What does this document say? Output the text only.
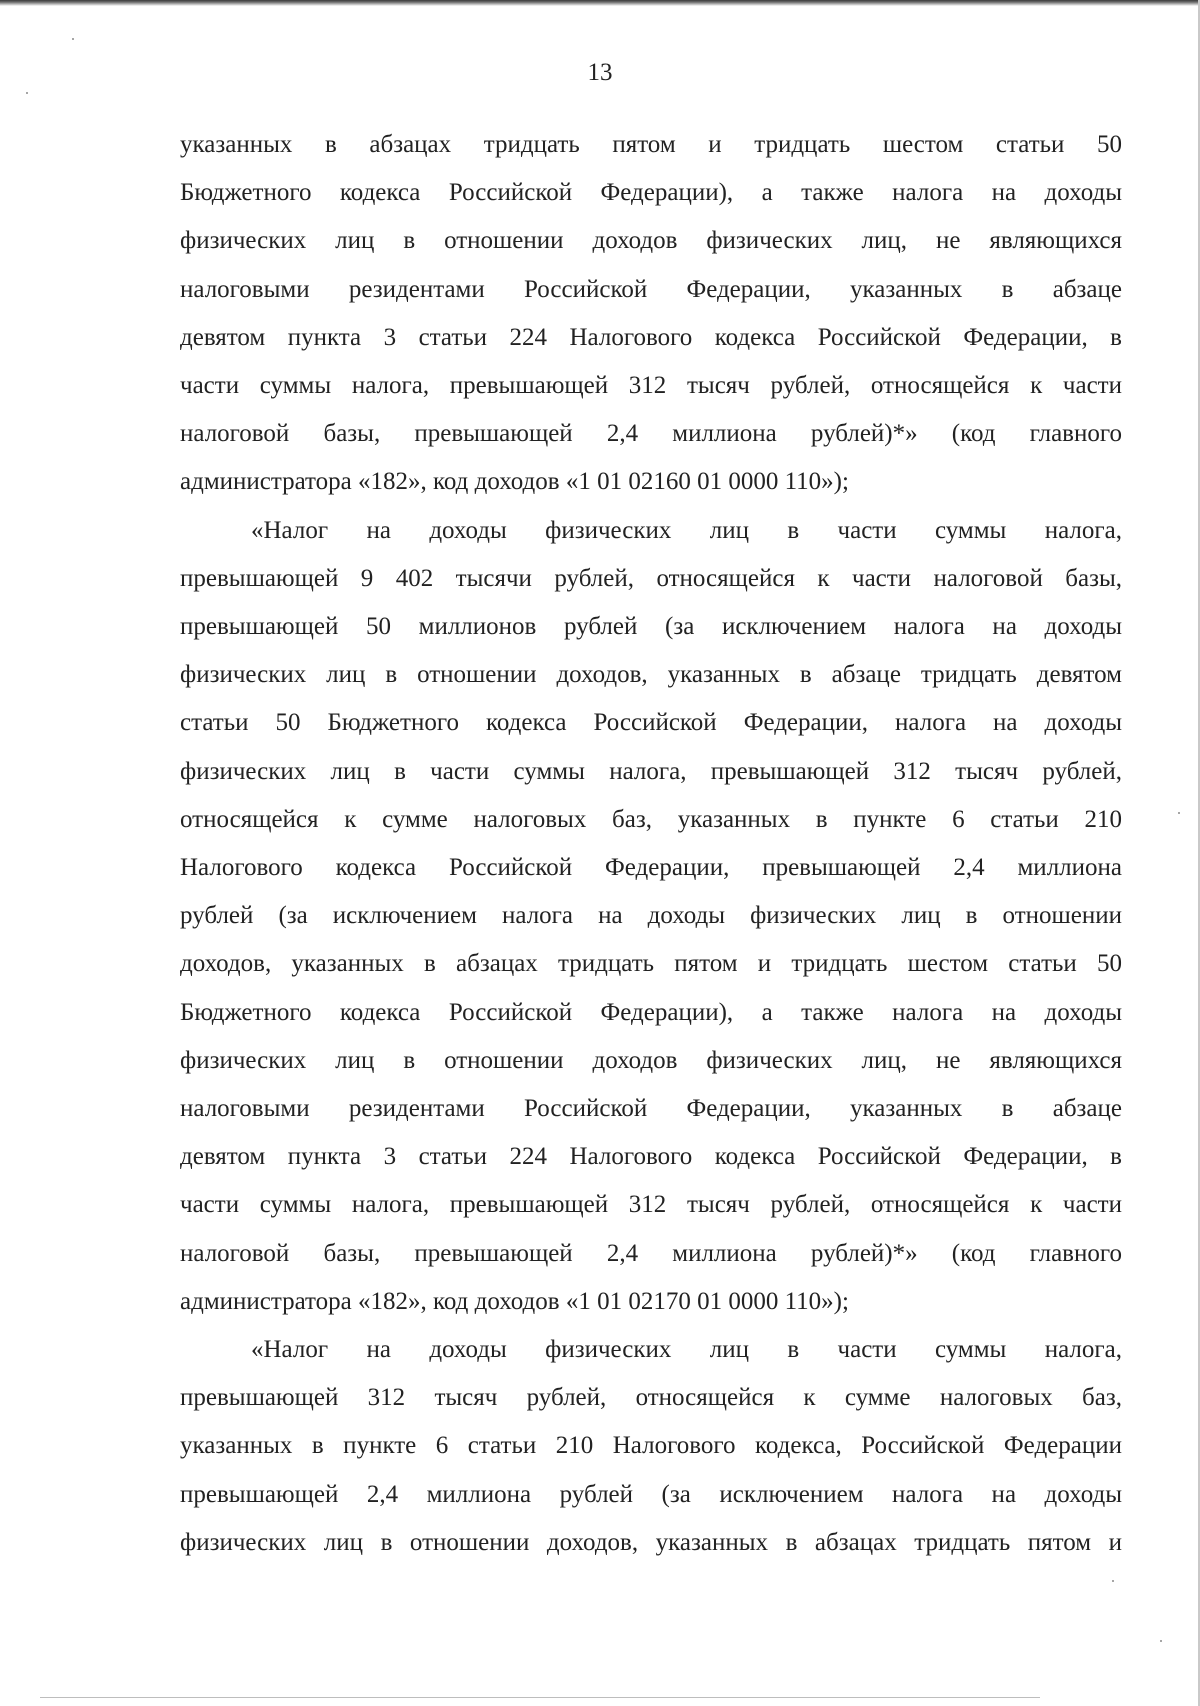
13

указанных в абзацах тридцать пятом и тридцать шестом статьи 50
Бюджетного кодекса Российской Федерации), а также налога на доходы
физических лиц в отношении доходов физических лиц, не являющихся
налоговыми резидентами Российской Федерации, указанных в абзаце
девятом пункта 3 статьи 224 Налогового кодекса Российской Федерации, в
части суммы налога, превышающей 312 тысяч рублей, относящейся к части
налоговой базы, превышающей 2,4 миллиона рублей)*» (код главного
администратора «182», код доходов «1 01 02160 01 0000 110»);

«Налог на доходы физических лиц в части суммы налога,
превышающей 9 402 тысячи рублей, относящейся к части налоговой базы,
превышающей 50 миллионов рублей (за исключением налога на доходы
физических лиц в отношении доходов, указанных в абзаце тридцать девятом
статьи 50 Бюджетного кодекса Российской Федерации, налога на доходы
физических лиц в части суммы налога, превышающей 312 тысяч рублей,
относящейся к сумме налоговых баз, указанных в пункте 6 статьи 210
Налогового кодекса Российской Федерации, превышающей 2,4 миллиона
рублей (за исключением налога на доходы физических лиц в отношении
доходов, указанных в абзацах тридцать пятом и тридцать шестом статьи 50
Бюджетного кодекса Российской Федерации), а также налога на доходы
физических лиц в отношении доходов физических лиц, не являющихся
налоговыми резидентами Российской Федерации, указанных в абзаце
девятом пункта 3 статьи 224 Налогового кодекса Российской Федерации, в
части суммы налога, превышающей 312 тысяч рублей, относящейся к части
налоговой базы, превышающей 2,4 миллиона рублей)*» (код главного
администратора «182», код доходов «1 01 02170 01 0000 110»);

«Налог на доходы физических лиц в части суммы налога,
превышающей 312 тысяч рублей, относящейся к сумме налоговых баз,
указанных в пункте 6 статьи 210 Налогового кодекса, Российской Федерации
превышающей 2,4 миллиона рублей (за исключением налога на доходы
физических лиц в отношении доходов, указанных в абзацах тридцать пятом и
